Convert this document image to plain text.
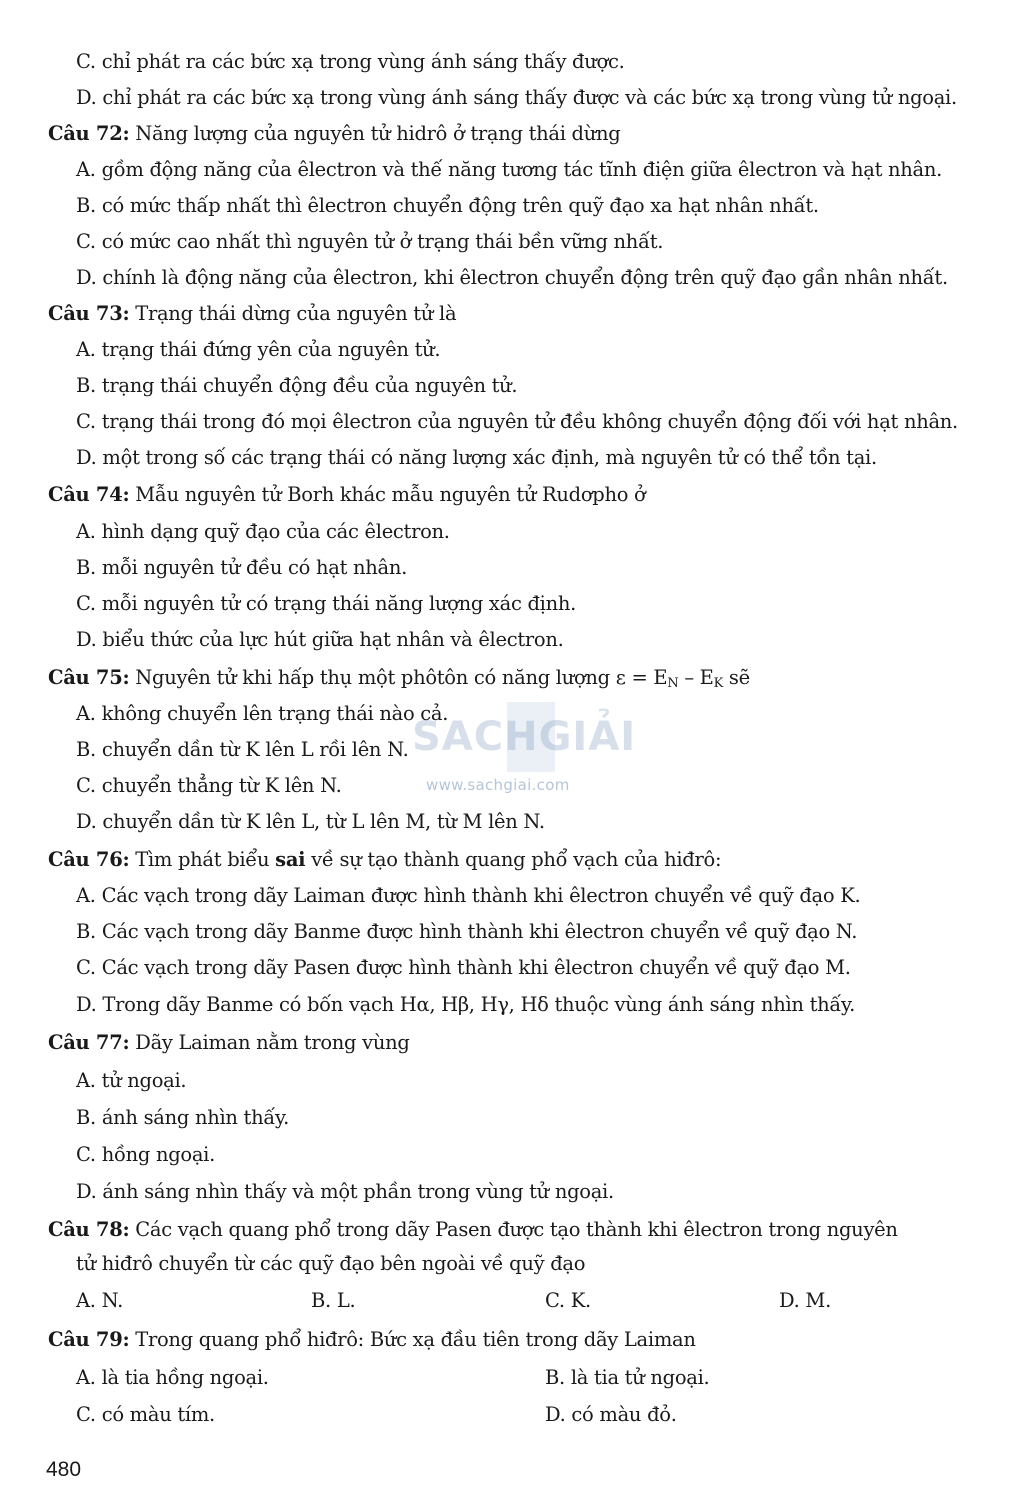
C. chỉ phát ra các bức xạ trong vùng ánh sáng thấy được.
D. chỉ phát ra các bức xạ trong vùng ánh sáng thấy được và các bức xạ trong vùng tử ngoại.
Câu 72: Năng lượng của nguyên tử hidrô ở trạng thái dừng
A. gồm động năng của êlectron và thế năng tương tác tĩnh điện giữa êlectron và hạt nhân.
B. có mức thấp nhất thì êlectron chuyển động trên quỹ đạo xa hạt nhân nhất.
C. có mức cao nhất thì nguyên tử ở trạng thái bền vững nhất.
D. chính là động năng của êlectron, khi êlectron chuyển động trên quỹ đạo gần nhân nhất.
Câu 73: Trạng thái dừng của nguyên tử là
A. trạng thái đứng yên của nguyên tử.
B. trạng thái chuyển động đều của nguyên tử.
C. trạng thái trong đó mọi êlectron của nguyên tử đều không chuyển động đối với hạt nhân.
D. một trong số các trạng thái có năng lượng xác định, mà nguyên tử có thể tồn tại.
Câu 74: Mẫu nguyên tử Borh khác mẫu nguyên tử Rudơpho ở
A. hình dạng quỹ đạo của các êlectron.
B. mỗi nguyên tử đều có hạt nhân.
C. mỗi nguyên tử có trạng thái năng lượng xác định.
D. biểu thức của lực hút giữa hạt nhân và êlectron.
Câu 75: Nguyên tử khi hấp thụ một phôtôn có năng lượng $\varepsilon = E_N - E_K$ sẽ
A. không chuyển lên trạng thái nào cả.
B. chuyển dần từ K lên L rồi lên N.
C. chuyển thẳng từ K lên N.
D. chuyển dần từ K lên L, từ L lên M, từ M lên N.
Câu 76: Tìm phát biểu sai về sự tạo thành quang phổ vạch của hiđrô:
A. Các vạch trong dãy Laiman được hình thành khi êlectron chuyển về quỹ đạo K.
B. Các vạch trong dãy Banme được hình thành khi êlectron chuyển về quỹ đạo N.
C. Các vạch trong dãy Pasen được hình thành khi êlectron chuyển về quỹ đạo M.
D. Trong dãy Banme có bốn vạch Hα, Hβ, Hγ, Hδ thuộc vùng ánh sáng nhìn thấy.
Câu 77: Dãy Laiman nằm trong vùng
A. tử ngoại.
B. ánh sáng nhìn thấy.
C. hồng ngoại.
D. ánh sáng nhìn thấy và một phần trong vùng tử ngoại.
Câu 78: Các vạch quang phổ trong dãy Pasen được tạo thành khi êlectron trong nguyên
tử hiđrô chuyển từ các quỹ đạo bên ngoài về quỹ đạo
A. N.	B. L.	C. K.	D. M.
Câu 79: Trong quang phổ hiđrô: Bức xạ đầu tiên trong dãy Laiman
A. là tia hồng ngoại.	B. là tia tử ngoại.
C. có màu tím.	D. có màu đỏ.
SACHGIẢI
www.sachgiai.com
480
